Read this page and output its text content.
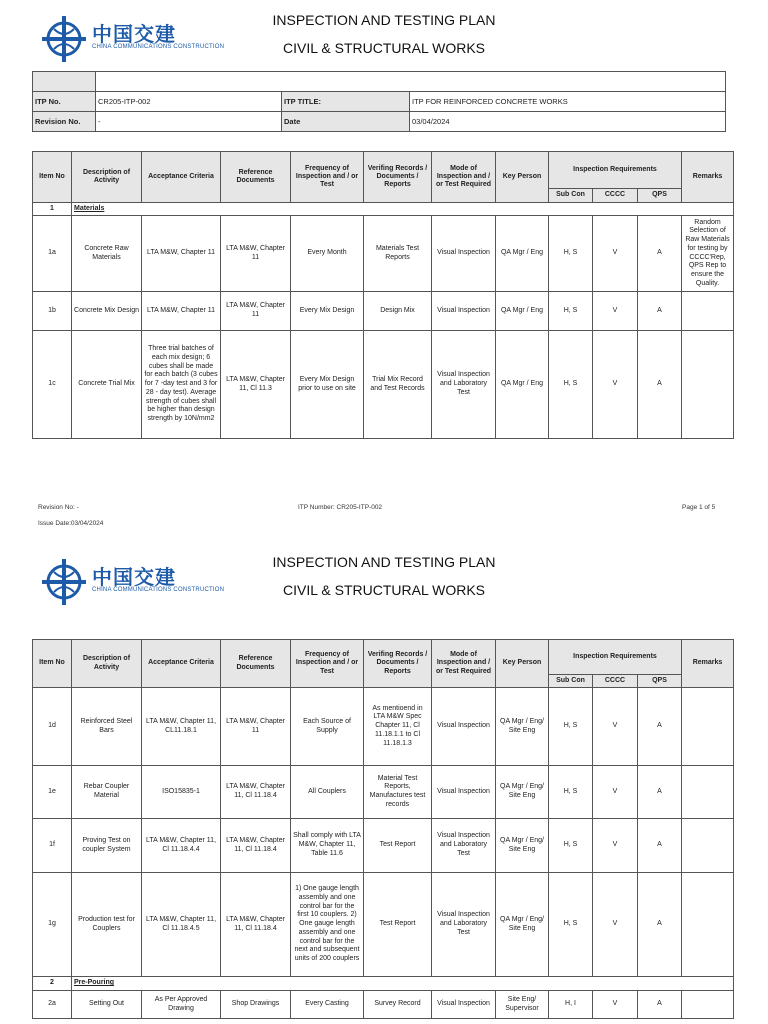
中国交建
CHINA COMMUNICATIONS CONSTRUCTION
INSPECTION AND TESTING PLAN
CIVIL & STRUCTURAL WORKS

ITP No.	CR205-ITP-002	ITP TITLE:	ITP FOR REINFORCED CONCRETE WORKS
Revision No.	-	Date	03/04/2024
Item No	Description of Activity	Acceptance Criteria	Reference Documents	Frequency of Inspection and / or Test	Verifing Records / Documents / Reports	Mode of Inspection and / or Test Required	Key Person	Inspection Requirements			Remarks
								Sub Con	CCCC	QPS	
1	Materials										
1a	Concrete Raw Materials	LTA M&W, Chapter 11	LTA M&W, Chapter 11	Every Month	Materials Test Reports	Visual Inspection	QA Mgr / Eng	H, S	V	A	Random Selection of Raw Materials for testing by CCCC'Rep, QPS Rep to ensure the Quality.
1b	Concrete Mix Design	LTA M&W, Chapter 11	LTA M&W, Chapter 11	Every Mix Design	Design Mix	Visual Inspection	QA Mgr / Eng	H, S	V	A	
1c	Concrete Trial Mix	Three trial batches of each mix design; 6 cubes shall be made for each batch (3 cubes for 7 -day test and 3 for 28 - day test). Average strength of cubes shall be higher than design strength by 10N/mm2	LTA M&W, Chapter 11, Cl 11.3	Every Mix Design prior to use on site	Trial Mix Record and Test Records	Visual Inspection and Laboratory Test	QA Mgr / Eng	H, S	V	A	
Revision No: -	ITP Number: CR205-ITP-002	Page 1 of 5
Issue Date:03/04/2024
中国交建
CHINA COMMUNICATIONS CONSTRUCTION
INSPECTION AND TESTING PLAN
CIVIL & STRUCTURAL WORKS
Item No	Description of Activity	Acceptance Criteria	Reference Documents	Frequency of Inspection and / or Test	Verifing Records / Documents / Reports	Mode of Inspection and / or Test Required	Key Person	Inspection Requirements			Remarks
								Sub Con	CCCC	QPS	
1d	Reinforced Steel Bars	LTA M&W, Chapter 11, CL11.18.1	LTA M&W, Chapter 11	Each Source of Supply	As mentioend in LTA M&W Spec Chapter 11, Cl 11.18.1.1 to Cl 11.18.1.3	Visual Inspection	QA Mgr / Eng/ Site Eng	H, S	V	A	
1e	Rebar Coupler Material	ISO15835-1	LTA M&W, Chapter 11, Cl 11.18.4	All Couplers	Material Test Reports, Manufactures test records	Visual Inspection	QA Mgr / Eng/ Site Eng	H, S	V	A	
1f	Proving Test on coupler System	LTA M&W, Chapter 11, Cl 11.18.4.4	LTA M&W, Chapter 11, Cl 11.18.4	Shall comply with LTA M&W, Chapter 11, Table 11.6	Test Report	Visual Inspection and Laboratory Test	QA Mgr / Eng/ Site Eng	H, S	V	A	
1g	Production test for Couplers	LTA M&W, Chapter 11, Cl 11.18.4.5	LTA M&W, Chapter 11, Cl 11.18.4	1) One gauge length assembly and one control bar for the first 10 couplers. 2) One gauge length assembly and one control bar for the next and subsequent units of 200 couplers	Test Report	Visual Inspection and Laboratory Test	QA Mgr / Eng/ Site Eng	H, S	V	A	
2	Pre-Pouring										
2a	Setting Out	As Per Approved Drawing	Shop Drawings	Every Casting	Survey Record	Visual Inspection	Site Eng/ Supervisor	H, I	V	A	
